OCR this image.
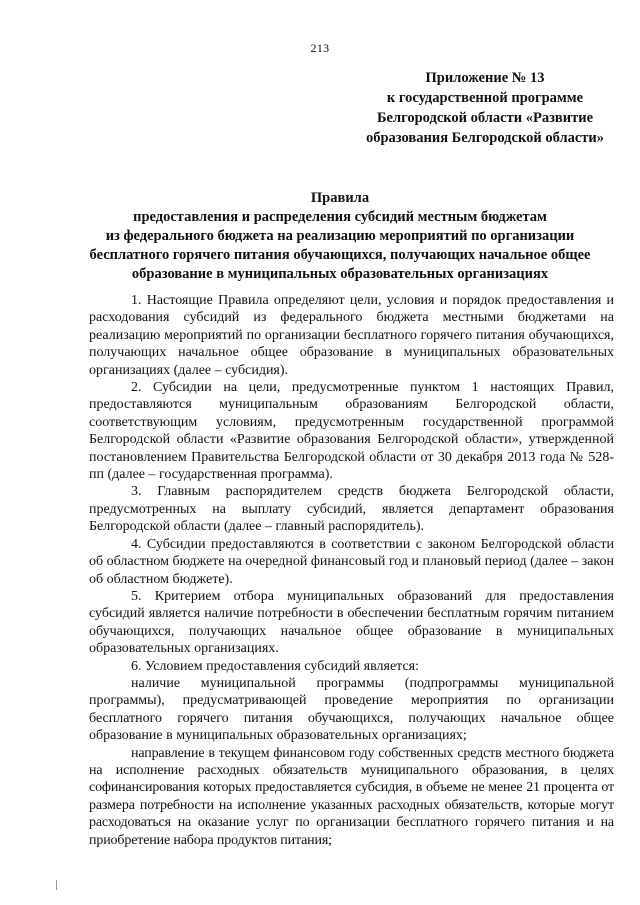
213
Приложение № 13
к государственной программе
Белгородской области «Развитие
образования Белгородской области»
Правила
предоставления и распределения субсидий местным бюджетам
из федерального бюджета на реализацию мероприятий по организации
бесплатного горячего питания обучающихся, получающих начальное общее
образование в муниципальных образовательных организациях

1. Настоящие Правила определяют цели, условия и порядок предоставления и расходования субсидий из федерального бюджета местными бюджетами на реализацию мероприятий по организации бесплатного горячего питания обучающихся, получающих начальное общее образование в муниципальных образовательных организациях (далее – субсидия).

2. Субсидии на цели, предусмотренные пунктом 1 настоящих Правил, предоставляются муниципальным образованиям Белгородской области, соответствующим условиям, предусмотренным государственной программой Белгородской области «Развитие образования Белгородской области», утвержденной постановлением Правительства Белгородской области от 30 декабря 2013 года № 528-пп (далее – государственная программа).

3. Главным распорядителем средств бюджета Белгородской области, предусмотренных на выплату субсидий, является департамент образования Белгородской области (далее – главный распорядитель).

4. Субсидии предоставляются в соответствии с законом Белгородской области об областном бюджете на очередной финансовый год и плановый период (далее – закон об областном бюджете).

5. Критерием отбора муниципальных образований для предоставления субсидий является наличие потребности в обеспечении бесплатным горячим питанием обучающихся, получающих начальное общее образование в муниципальных образовательных организациях.

6. Условием предоставления субсидий является:

наличие муниципальной программы (подпрограммы муниципальной программы), предусматривающей проведение мероприятия по организации бесплатного горячего питания обучающихся, получающих начальное общее образование в муниципальных образовательных организациях;

направление в текущем финансовом году собственных средств местного бюджета на исполнение расходных обязательств муниципального образования, в целях софинансирования которых предоставляется субсидия, в объеме не менее 21 процента от размера потребности на исполнение указанных расходных обязательств, которые могут расходоваться на оказание услуг по организации бесплатного горячего питания и на приобретение набора продуктов питания;
